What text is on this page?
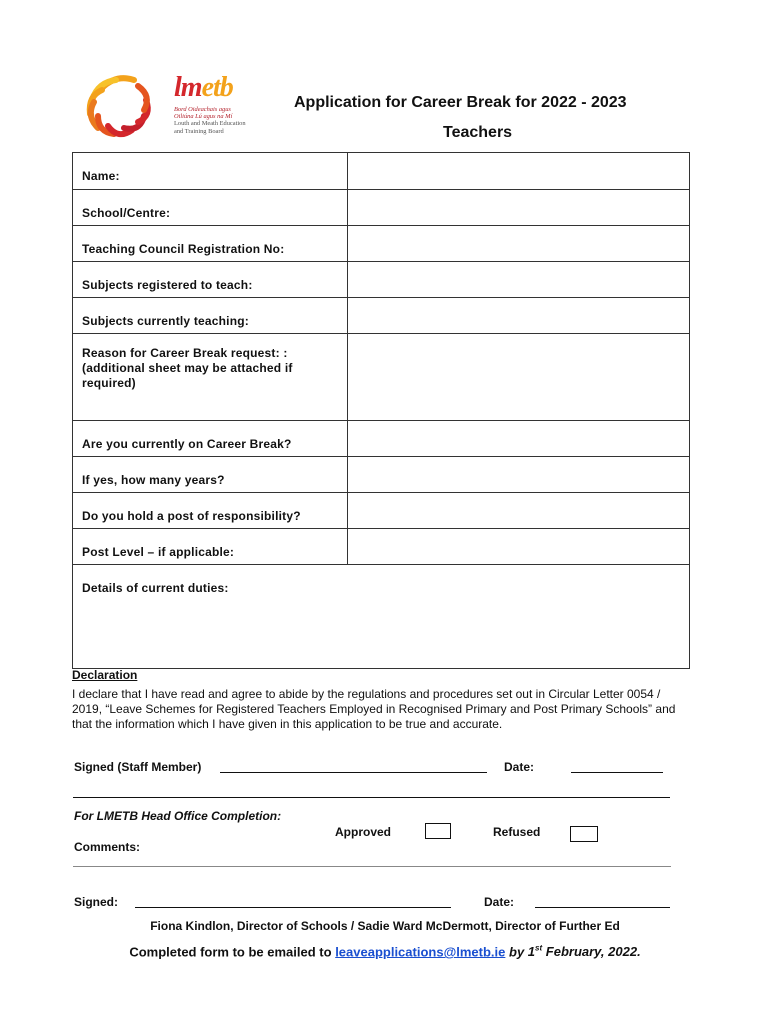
lmetb
Bord Oideachais agus
Oiliúna Lú agus na Mí
Louth and Meath Education
and Training Board
Application for Career Break for 2022 - 2023
Teachers
Name:	

School/Centre:	

Teaching Council Registration No:	

Subjects registered to teach:	

Subjects currently teaching:	

Reason for Career Break request: : (additional sheet may be attached if required)	

Are you currently on Career Break?	

If yes, how many years?	

Do you hold a post of responsibility?	

Post Level – if applicable:	

Details of current duties:	
Declaration
I declare that I have read and agree to abide by the regulations and procedures set out in Circular Letter 0054 / 2019, “Leave Schemes for Registered Teachers Employed in Recognised Primary and Post Primary Schools” and that the information which I have given in this application to be true and accurate.
Signed (Staff Member)	Date:
For LMETB Head Office Completion:
Approved	Refused
Comments:
Signed:	Date:
Fiona Kindlon, Director of Schools / Sadie Ward McDermott, Director of Further Ed
Completed form to be emailed to leaveapplications@lmetb.ie by 1st February, 2022.
